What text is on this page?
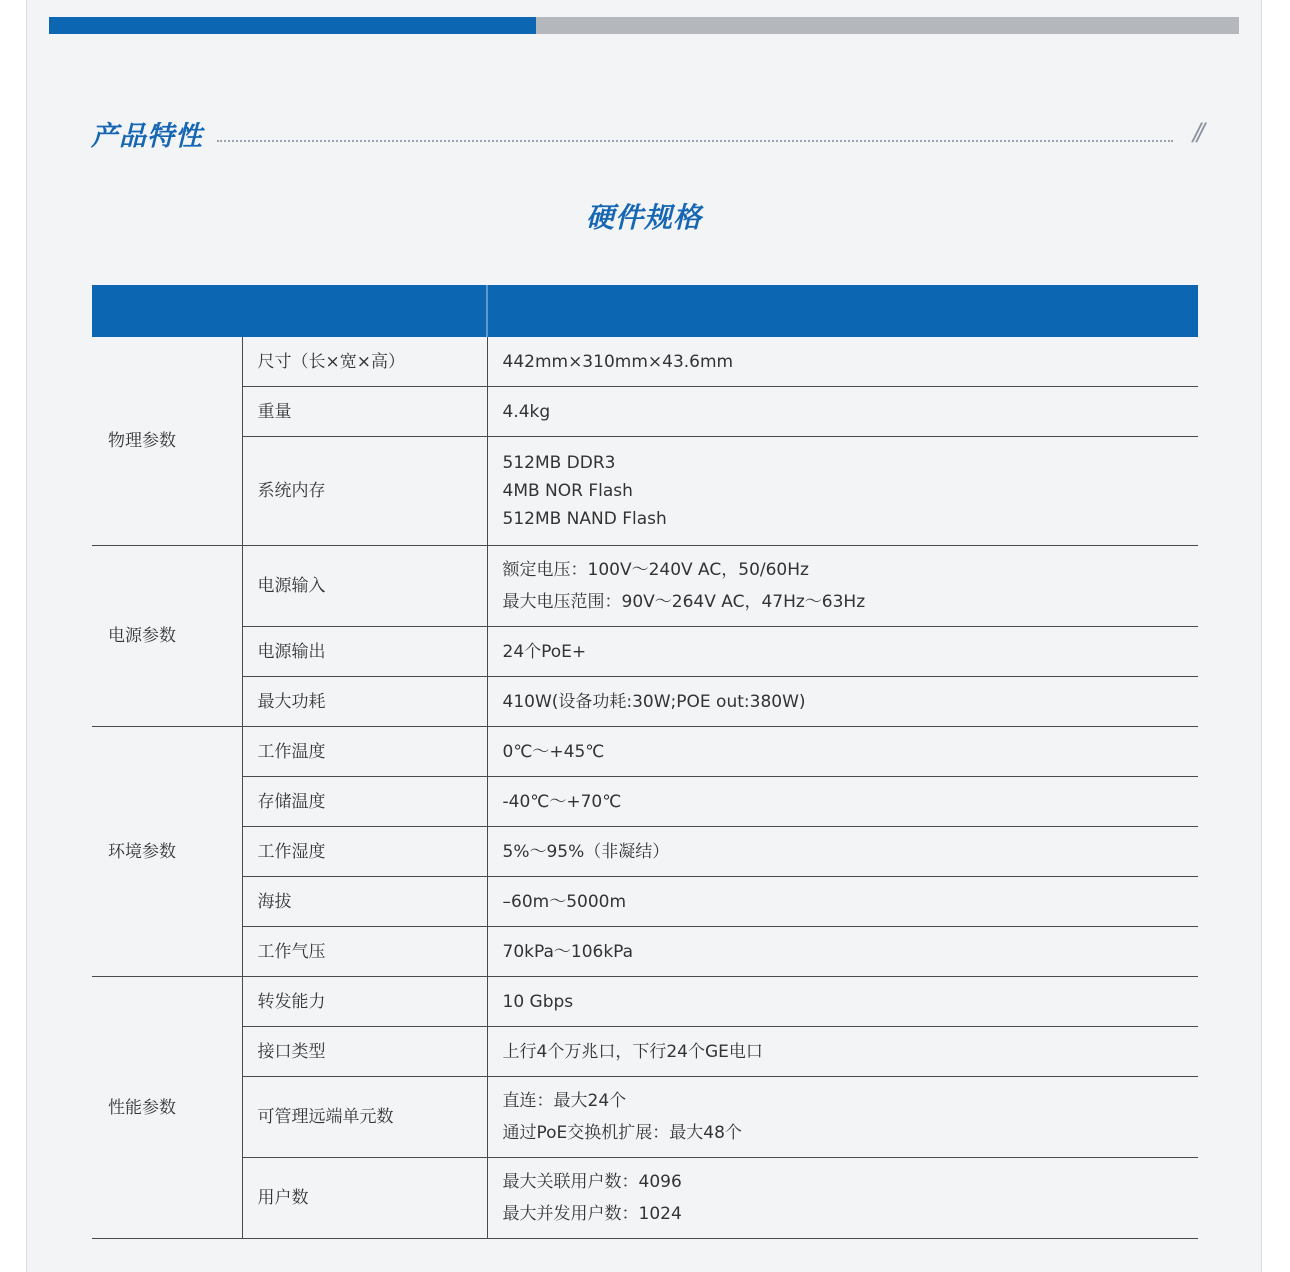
产品特性	//
硬件规格

物理参数	尺寸（长×宽×高）	442mm×310mm×43.6mm

	重量	4.4kg

	系统内存	512MB DDR3
4MB NOR Flash
512MB NAND Flash

电源参数	电源输入	额定电压：100V～240V AC，50/60Hz
最大电压范围：90V～264V AC，47Hz～63Hz

	电源输出	24个PoE+

	最大功耗	410W(设备功耗:30W;POE out:380W)

环境参数	工作温度	0℃～+45℃

	存储温度	-40℃～+70℃

	工作湿度	5%～95%（非凝结）

	海拔	–60m～5000m

	工作气压	70kPa～106kPa

性能参数	转发能力	10 Gbps

	接口类型	上行4个万兆口，下行24个GE电口

	可管理远端单元数	直连：最大24个
通过PoE交换机扩展：最大48个

	用户数	最大关联用户数：4096
最大并发用户数：1024
